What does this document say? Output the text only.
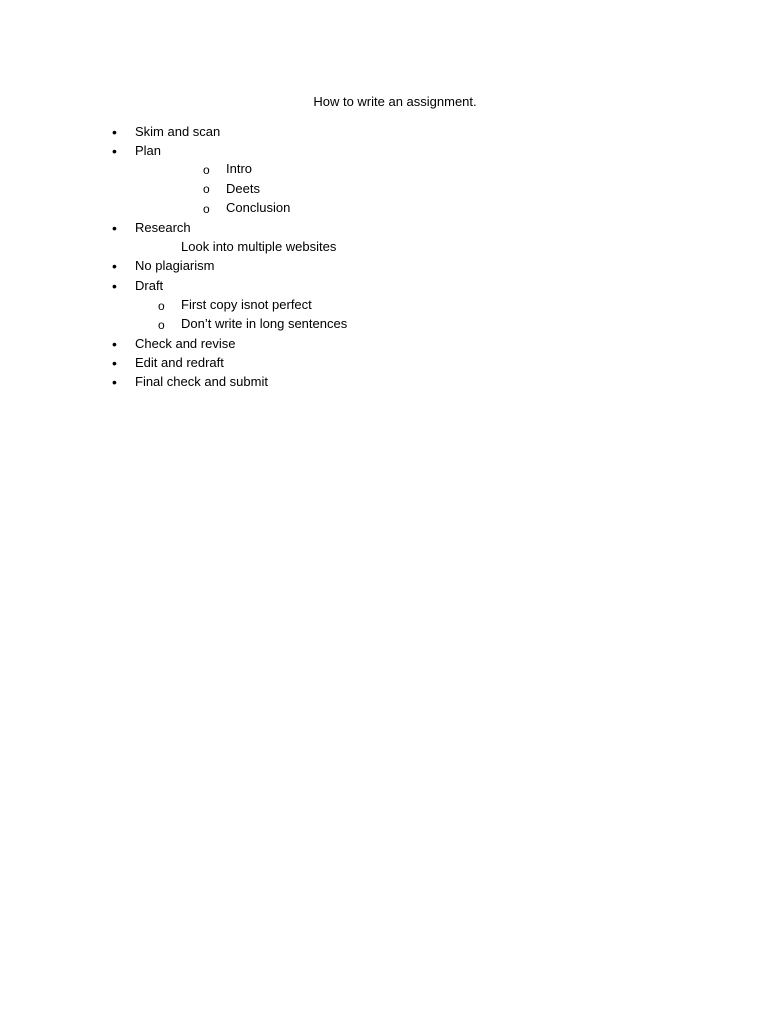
How to write an assignment.
• Skim and scan
• Plan
o Intro
o Deets
o Conclusion
• Research
Look into multiple websites
• No plagiarism
• Draft
o First copy isnot perfect
o Don’t write in long sentences
• Check and revise
• Edit and redraft
• Final check and submit
